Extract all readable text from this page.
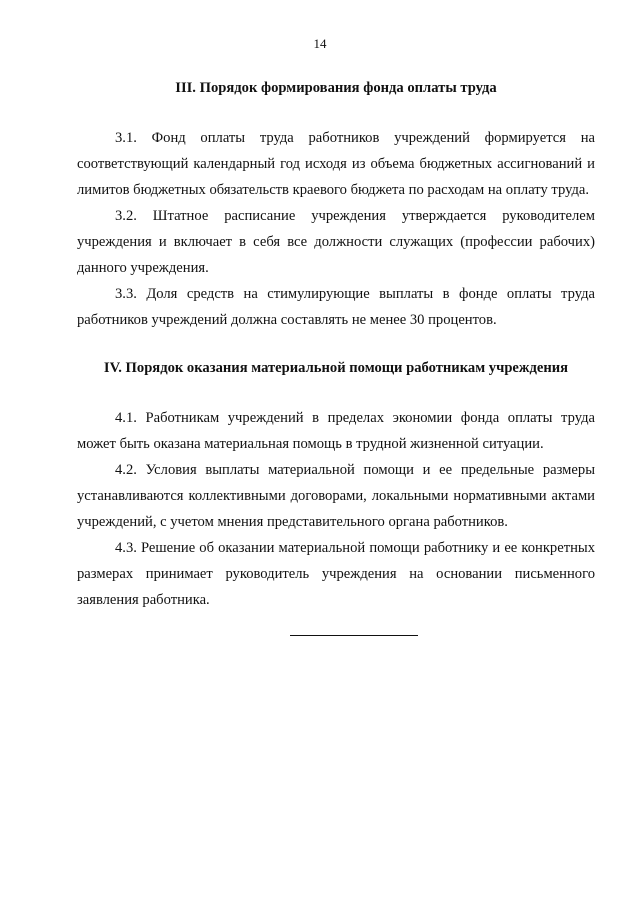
14
III. Порядок формирования фонда оплаты труда

3.1. Фонд оплаты труда работников учреждений формируется на соответствующий календарный год исходя из объема бюджетных ассигнований и лимитов бюджетных обязательств краевого бюджета по расходам на оплату труда.

3.2. Штатное расписание учреждения утверждается руководителем учреждения и включает в себя все должности служащих (профессии рабочих) данного учреждения.

3.3. Доля средств на стимулирующие выплаты в фонде оплаты труда работников учреждений должна составлять не менее 30 процентов.

IV. Порядок оказания материальной помощи работникам учреждения

4.1. Работникам учреждений в пределах экономии фонда оплаты труда может быть оказана материальная помощь в трудной жизненной ситуации.

4.2. Условия выплаты материальной помощи и ее предельные размеры устанавливаются коллективными договорами, локальными нормативными актами учреждений, с учетом мнения представительного органа работников.

4.3. Решение об оказании материальной помощи работнику и ее конкретных размерах принимает руководитель учреждения на основании письменного заявления работника.
